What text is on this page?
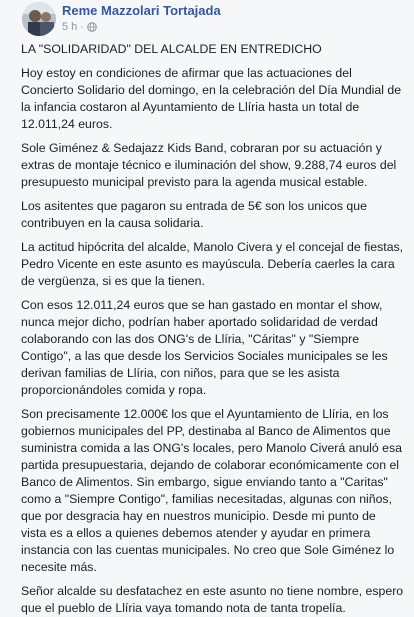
Reme Mazzolari Tortajada
5 h ·

LA "SOLIDARIDAD" DEL ALCALDE EN ENTREDICHO

Hoy estoy en condiciones de afirmar que las actuaciones del Concierto Solidario del domingo, en la celebración del Día Mundial de la infancia costaron al Ayuntamiento de Llíria hasta un total de 12.011,24 euros.

Sole Giménez & Sedajazz Kids Band, cobraran por su actuación y extras de montaje técnico e iluminación del show, 9.288,74 euros del presupuesto municipal previsto para la agenda musical estable.

Los asitentes que pagaron su entrada de 5€ son los unicos que contribuyen en la causa solidaria.

La actitud hipócrita del alcalde, Manolo Civera y el concejal de fiestas, Pedro Vicente en este asunto es mayúscula. Debería caerles la cara de vergüenza, si es que la tienen.

Con esos 12.011,24 euros que se han gastado en montar el show, nunca mejor dicho, podrían haber aportado solidaridad de verdad colaborando con las dos ONG's de Llíria, "Cáritas" y "Siempre Contigo", a las que desde los Servicios Sociales municipales se les derivan familias de Llíria, con niños, para que se les asista proporcionándoles comida y ropa.

Son precisamente 12.000€ los que el Ayuntamiento de Llíria, en los gobiernos municipales del PP, destinaba al Banco de Alimentos que suministra comida a las ONG's locales, pero Manolo Civerá anuló esa partida presupuestaria, dejando de colaborar económicamente con el Banco de Alimentos. Sin embargo, sigue enviando tanto a "Caritas" como a "Siempre Contigo", familias necesitadas, algunas con niños, que por desgracia hay en nuestros municipio. Desde mi punto de vista es a ellos a quienes debemos atender y ayudar en primera instancia con las cuentas municipales. No creo que Sole Giménez lo necesite más.

Señor alcalde su desfatachez en este asunto no tiene nombre, espero que el pueblo de Llíria vaya tomando nota de tanta tropelía.
